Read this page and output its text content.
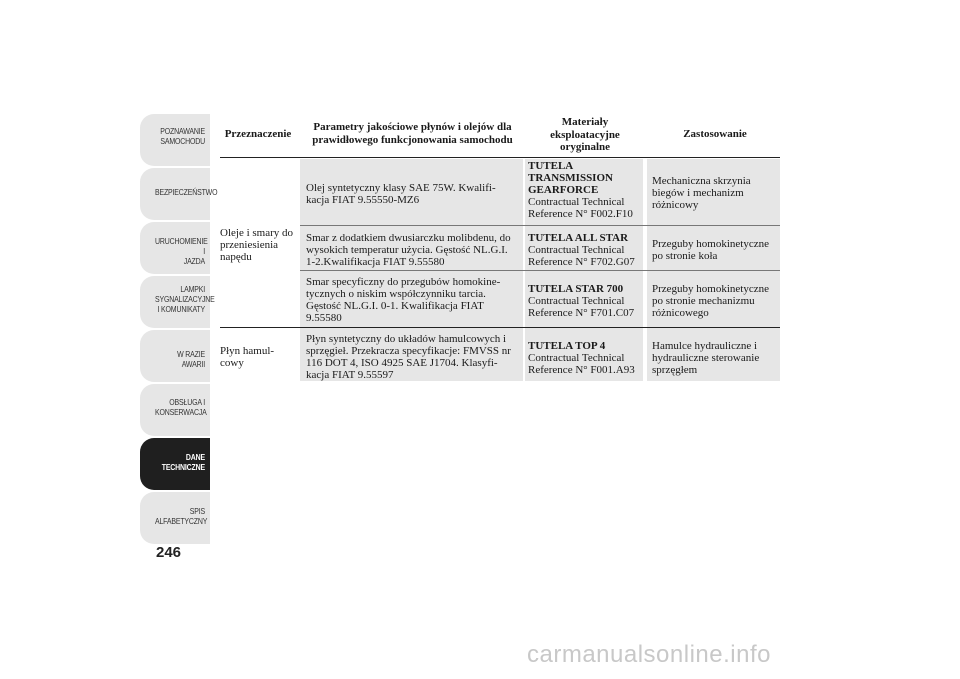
POZNAWANIE
SAMOCHODU
BEZPIECZEŃSTWO
URUCHOMIENIE I
JAZDA
LAMPKI
SYGNALIZACYJNE
I KOMUNIKATY
W RAZIE AWARII
OBSŁUGA I
KONSERWACJA
DANE
TECHNICZNE
SPIS
ALFABETYCZNY
246
Przeznaczenie
Parametry jakościowe płynów i olejów dla prawidłowego funkcjonowania samochodu
Materiały eksploatacyjne oryginalne
Zastosowanie
Oleje i smary do przeniesienia napędu
Płyn hamul-cowy
Olej syntetyczny klasy SAE 75W. Kwalifi-kacja FIAT 9.55550-MZ6
TUTELA TRANSMISSION GEARFORCE
Contractual Technical Reference N° F002.F10
Mechaniczna skrzynia biegów i mechanizm różnicowy
Smar z dodatkiem dwusiarczku molibdenu, do wysokich temperatur użycia. Gęstość NL.G.I. 1-2.Kwalifikacja FIAT 9.55580
TUTELA ALL STAR
Contractual Technical Reference N° F702.G07
Przeguby homokinetyczne po stronie koła
Smar specyficzny do przegubów homokine-tycznych o niskim współczynniku tarcia. Gęstość NL.G.I. 0-1. Kwalifikacja FIAT 9.55580
TUTELA STAR 700
Contractual Technical Reference N° F701.C07
Przeguby homokinetyczne po stronie mechanizmu różnicowego
Płyn syntetyczny do układów hamulcowych i sprzęgieł. Przekracza specyfikacje: FMVSS nr 116 DOT 4, ISO 4925 SAE J1704. Klasyfi-kacja FIAT 9.55597
TUTELA TOP 4
Contractual Technical Reference N° F001.A93
Hamulce hydrauliczne i hydrauliczne sterowanie sprzęgłem
carmanualsonline.info
